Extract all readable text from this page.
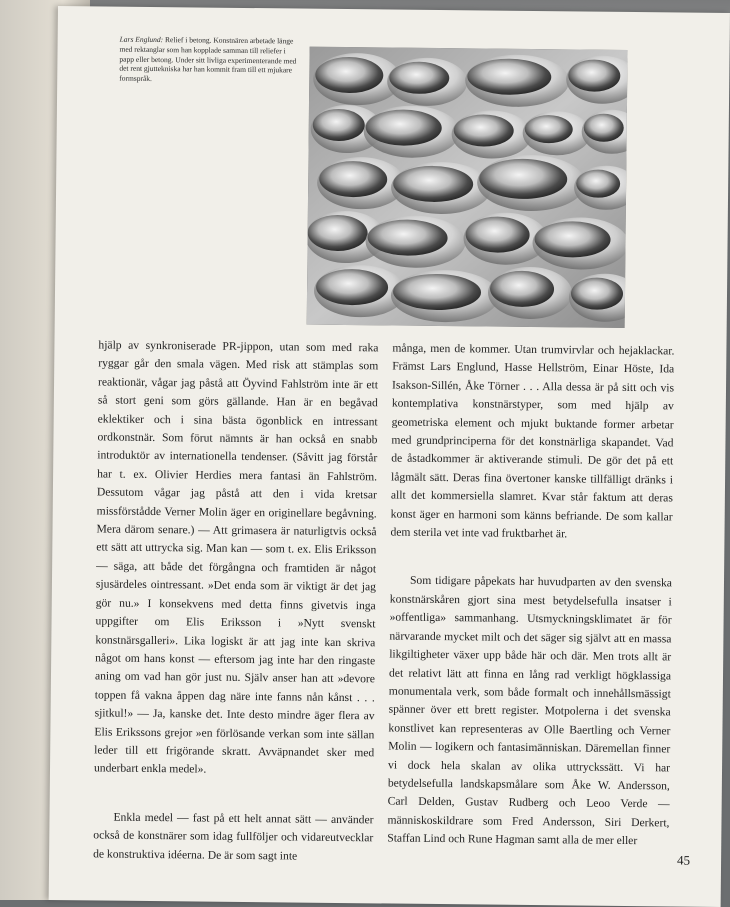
Lars Englund: Relief i betong. Konstnären arbetade länge med rektanglar som han kopplade samman till reliefer i papp eller betong. Under sitt livliga experimenterande med det rent gjuttekniska har han kommit fram till ett mjukare formspråk.

hjälp av synkroniserade PR-jippon, utan som med raka ryggar går den smala vägen. Med risk att stämplas som reaktionär, vågar jag påstå att Öyvind Fahlström inte är ett så stort geni som görs gällande. Han är en begåvad eklektiker och i sina bästa ögonblick en intressant ordkonstnär. Som förut nämnts är han också en snabb introduktör av internationella tendenser. (Såvitt jag förstår har t. ex. Olivier Herdies mera fantasi än Fahlström. Dessutom vågar jag påstå att den i vida kretsar missförstådde Verner Molin äger en originellare begåvning. Mera därom senare.) — Att grimasera är naturligtvis också ett sätt att uttrycka sig. Man kan — som t. ex. Elis Eriksson — säga, att både det förgångna och framtiden är något sjusärdeles ointressant. »Det enda som är viktigt är det jag gör nu.» I konsekvens med detta finns givetvis inga uppgifter om Elis Eriksson i »Nytt svenskt konstnärsgalleri». Lika logiskt är att jag inte kan skriva något om hans konst — eftersom jag inte har den ringaste aning om vad han gör just nu. Själv anser han att »devore toppen få vakna åppen dag näre inte fanns nån kånst . . . sjitkul!» — Ja, kanske det. Inte desto mindre äger flera av Elis Erikssons grejor »en förlösande verkan som inte sällan leder till ett frigörande skratt. Avväpnandet sker med underbart enkla medel».

Enkla medel — fast på ett helt annat sätt — använder också de konstnärer som idag fullföljer och vidareutvecklar de konstruktiva idéerna. De är som sagt inte

många, men de kommer. Utan trumvirvlar och hejaklackar. Främst Lars Englund, Hasse Hellström, Einar Höste, Ida Isakson-Sillén, Åke Törner . . . Alla dessa är på sitt och vis kontemplativa konstnärstyper, som med hjälp av geometriska element och mjukt buktande former arbetar med grundprinciperna för det konstnärliga skapandet. Vad de åstadkommer är aktiverande stimuli. De gör det på ett lågmält sätt. Deras fina övertoner kanske tillfälligt dränks i allt det kommersiella slamret. Kvar står faktum att deras konst äger en harmoni som känns befriande. De som kallar dem sterila vet inte vad fruktbarhet är.

Som tidigare påpekats har huvudparten av den svenska konstnärskåren gjort sina mest betydelsefulla insatser i »offentliga» sammanhang. Utsmyckningsklimatet är för närvarande mycket milt och det säger sig självt att en massa likgiltigheter växer upp både här och där. Men trots allt är det relativt lätt att finna en lång rad verkligt högklassiga monumentala verk, som både formalt och innehållsmässigt spänner över ett brett register. Motpolerna i det svenska konstlivet kan representeras av Olle Baertling och Verner Molin — logikern och fantasimänniskan. Däremellan finner vi dock hela skalan av olika uttryckssätt. Vi har betydelsefulla landskapsmålare som Åke W. Andersson, Carl Delden, Gustav Rudberg och Leoo Verde — människoskildrare som Fred Andersson, Siri Derkert, Staffan Lind och Rune Hagman samt alla de mer eller

45
